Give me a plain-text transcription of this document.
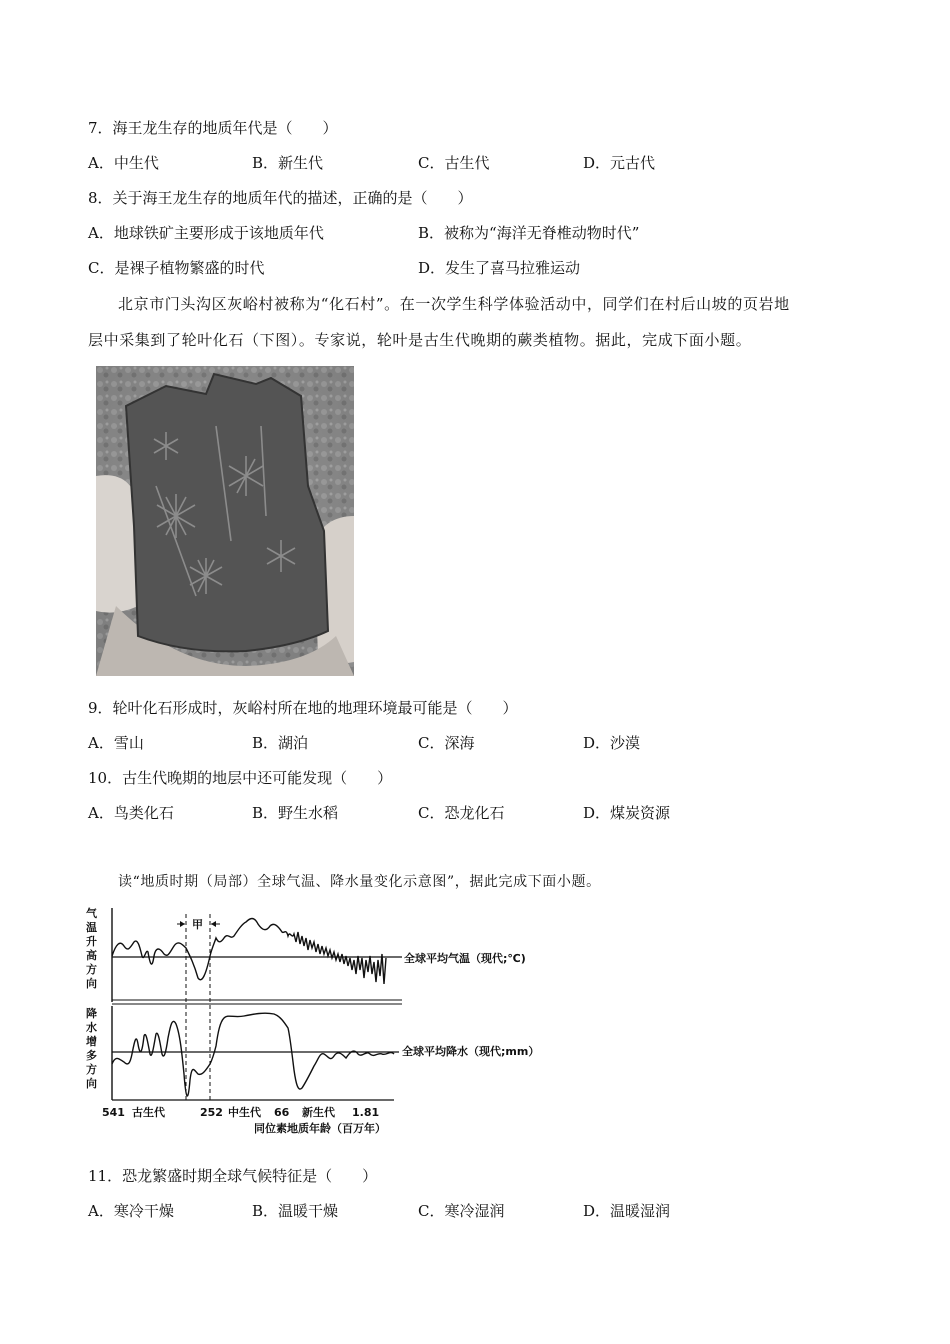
7．海王龙生存的地质年代是（　　）
A．中生代	B．新生代	C．古生代	D．元古代
8．关于海王龙生存的地质年代的描述，正确的是（　　）
A．地球铁矿主要形成于该地质年代	B．被称为“海洋无脊椎动物时代”
C．是裸子植物繁盛的时代	D．发生了喜马拉雅运动
北京市门头沟区灰峪村被称为“化石村”。在一次学生科学体验活动中，同学们在村后山坡的页岩地
层中采集到了轮叶化石（下图）。专家说，轮叶是古生代晚期的蕨类植物。据此，完成下面小题。
9．轮叶化石形成时，灰峪村所在地的地理环境最可能是（　　）
A．雪山	B．湖泊	C．深海	D．沙漠
10．古生代晚期的地层中还可能发现（　　）
A．鸟类化石	B．野生水稻	C．恐龙化石	D．煤炭资源
读“地质时期（局部）全球气温、降水量变化示意图”，据此完成下面小题。
气
温
升
高
方
向
降
水
增
多
方
向
全球平均气温（现代;℃)
全球平均降水（现代;mm）
甲
541 古生代	252 中生代 66 新生代 1.81
同位素地质年龄（百万年）
11．恐龙繁盛时期全球气候特征是（　　）
A．寒冷干燥	B．温暖干燥	C．寒冷湿润	D．温暖湿润
